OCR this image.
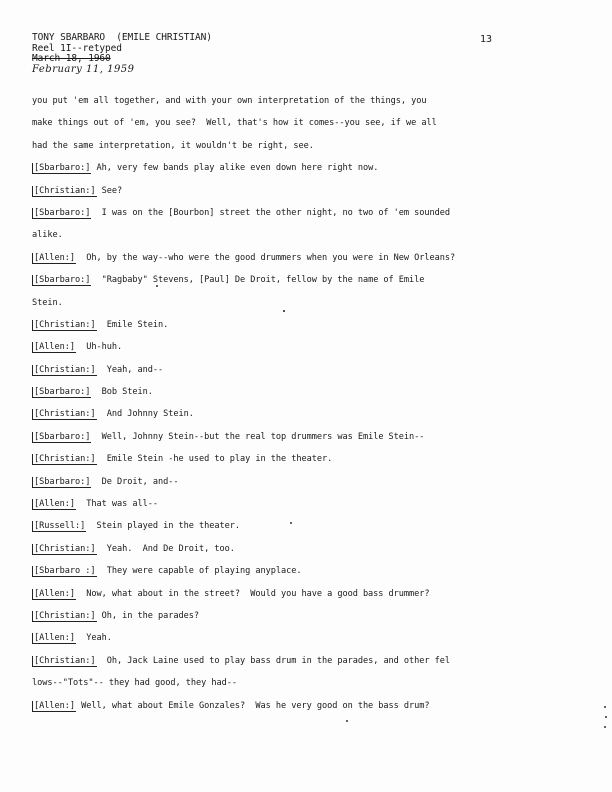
TONY SBARBARO  (EMILE CHRISTIAN)
Reel 1I--retyped
March 18, 1960
February 11, 1959
13
you put 'em all together, and with your own interpretation of the things, you
make things out of 'em, you see?  Well, that's how it comes--you see, if we all
had the same interpretation, it wouldn't be right, see.
[Sbarbaro:] Ah, very few bands play alike even down here right now.
[Christian:] See?
[Sbarbaro:]  I was on the [Bourbon] street the other night, no two of 'em sounded
alike.
[Allen:]  Oh, by the way--who were the good drummers when you were in New Orleans?
[Sbarbaro:]  "Ragbaby" Stevens, [Paul] De Droit, fellow by the name of Emile
Stein.
[Christian:]  Emile Stein.
[Allen:]  Uh-huh.
[Christian:]  Yeah, and--
[Sbarbaro:]  Bob Stein.
[Christian:]  And Johnny Stein.
[Sbarbaro:]  Well, Johnny Stein--but the real top drummers was Emile Stein--
[Christian:]  Emile Stein -he used to play in the theater.
[Sbarbaro:]  De Droit, and--
[Allen:]  That was all--
[Russell:]  Stein played in the theater.
[Christian:]  Yeah.  And De Droit, too.
[Sbarbaro :]  They were capable of playing anyplace.
[Allen:]  Now, what about in the street?  Would you have a good bass drummer?
[Christian:] Oh, in the parades?
[Allen:]  Yeah.
[Christian:]  Oh, Jack Laine used to play bass drum in the parades, and other fel
lows--"Tots"-- they had good, they had--
[Allen:] Well, what about Emile Gonzales?  Was he very good on the bass drum?
